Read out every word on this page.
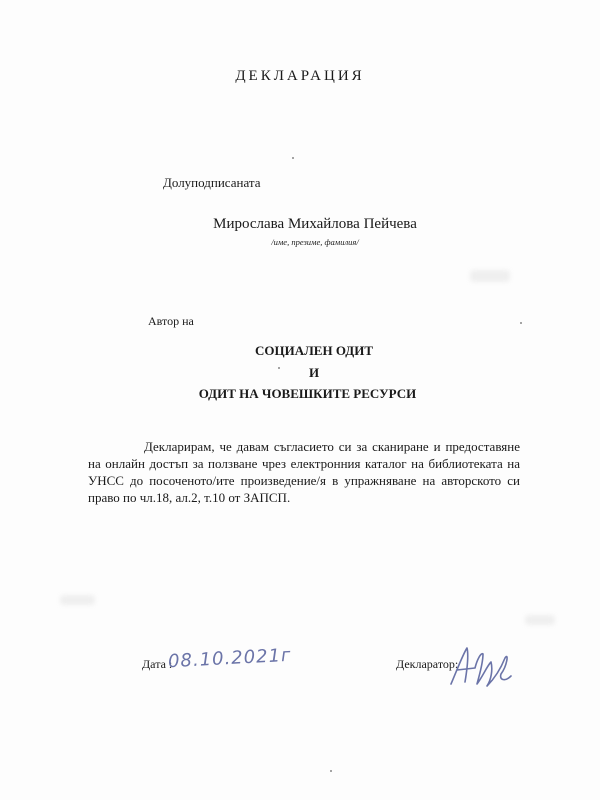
ДЕКЛАРАЦИЯ

Долуподписаната

Мирослава Михайлова Пейчева

/име, презиме, фамилия/

Автор на

СОЦИАЛЕН ОДИТ

И

ОДИТ НА ЧОВЕШКИТЕ РЕСУРСИ

Декларирам, че давам съгласието си за сканиране и предоставяне на онлайн достъп за ползване чрез електронния каталог на библиотеката на УНСС до посоченото/ите произведение/я в упражняване на авторското си право по чл.18, ал.2, т.10 от ЗАПСП.

Дата :

08.10.2021г	Декларатор:
